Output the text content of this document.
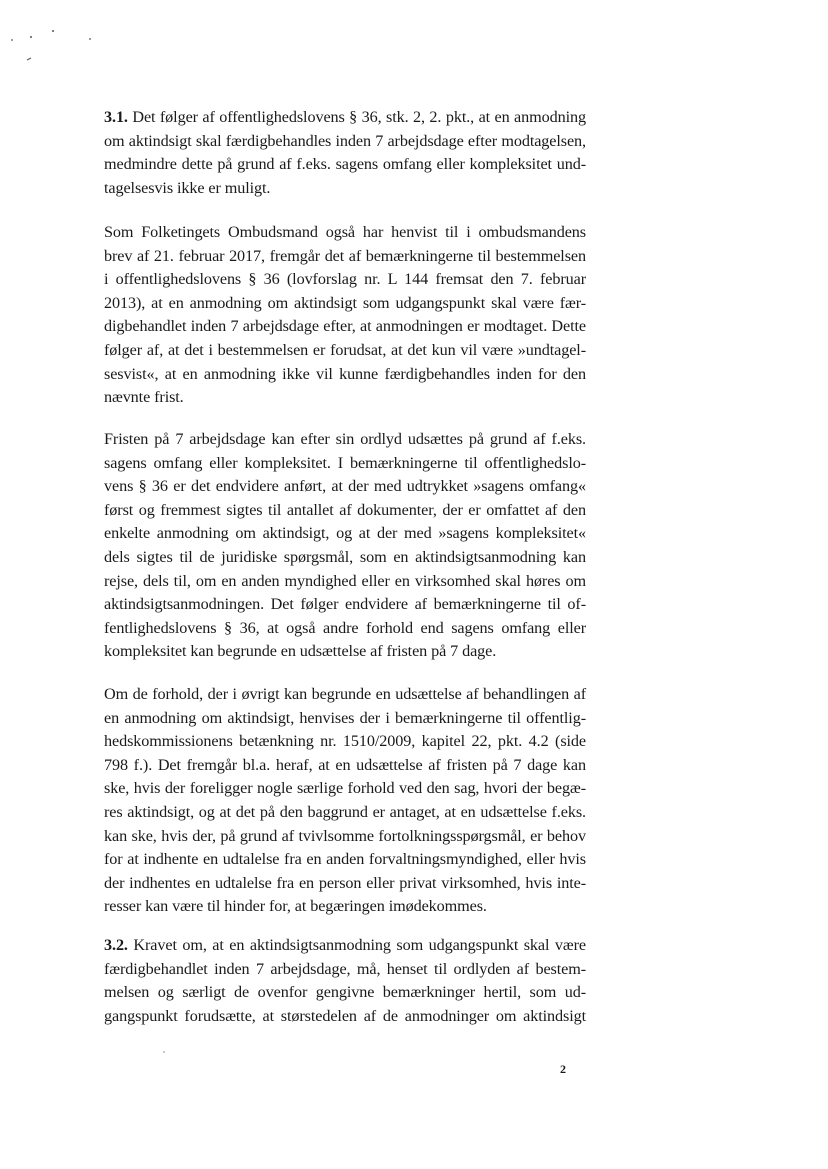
3.1. Det følger af offentlighedslovens § 36, stk. 2, 2. pkt., at en anmodning
om aktindsigt skal færdigbehandles inden 7 arbejdsdage efter modtagelsen,
medmindre dette på grund af f.eks. sagens omfang eller kompleksitet und-
tagelsesvis ikke er muligt.
Som Folketingets Ombudsmand også har henvist til i ombudsmandens
brev af 21. februar 2017, fremgår det af bemærkningerne til bestemmelsen
i offentlighedslovens § 36 (lovforslag nr. L 144 fremsat den 7. februar
2013), at en anmodning om aktindsigt som udgangspunkt skal være fær-
digbehandlet inden 7 arbejdsdage efter, at anmodningen er modtaget. Dette
følger af, at det i bestemmelsen er forudsat, at det kun vil være »undtagel-
sesvist«, at en anmodning ikke vil kunne færdigbehandles inden for den
nævnte frist.
Fristen på 7 arbejdsdage kan efter sin ordlyd udsættes på grund af f.eks.
sagens omfang eller kompleksitet. I bemærkningerne til offentlighedslo-
vens § 36 er det endvidere anført, at der med udtrykket »sagens omfang«
først og fremmest sigtes til antallet af dokumenter, der er omfattet af den
enkelte anmodning om aktindsigt, og at der med »sagens kompleksitet«
dels sigtes til de juridiske spørgsmål, som en aktindsigtsanmodning kan
rejse, dels til, om en anden myndighed eller en virksomhed skal høres om
aktindsigtsanmodningen. Det følger endvidere af bemærkningerne til of-
fentlighedslovens § 36, at også andre forhold end sagens omfang eller
kompleksitet kan begrunde en udsættelse af fristen på 7 dage.
Om de forhold, der i øvrigt kan begrunde en udsættelse af behandlingen af
en anmodning om aktindsigt, henvises der i bemærkningerne til offentlig-
hedskommissionens betænkning nr. 1510/2009, kapitel 22, pkt. 4.2 (side
798 f.). Det fremgår bl.a. heraf, at en udsættelse af fristen på 7 dage kan
ske, hvis der foreligger nogle særlige forhold ved den sag, hvori der begæ-
res aktindsigt, og at det på den baggrund er antaget, at en udsættelse f.eks.
kan ske, hvis der, på grund af tvivlsomme fortolkningsspørgsmål, er behov
for at indhente en udtalelse fra en anden forvaltningsmyndighed, eller hvis
der indhentes en udtalelse fra en person eller privat virksomhed, hvis inte-
resser kan være til hinder for, at begæringen imødekommes.
3.2. Kravet om, at en aktindsigtsanmodning som udgangspunkt skal være
færdigbehandlet inden 7 arbejdsdage, må, henset til ordlyden af bestem-
melsen og særligt de ovenfor gengivne bemærkninger hertil, som ud-
gangspunkt forudsætte, at størstedelen af de anmodninger om aktindsigt
2
